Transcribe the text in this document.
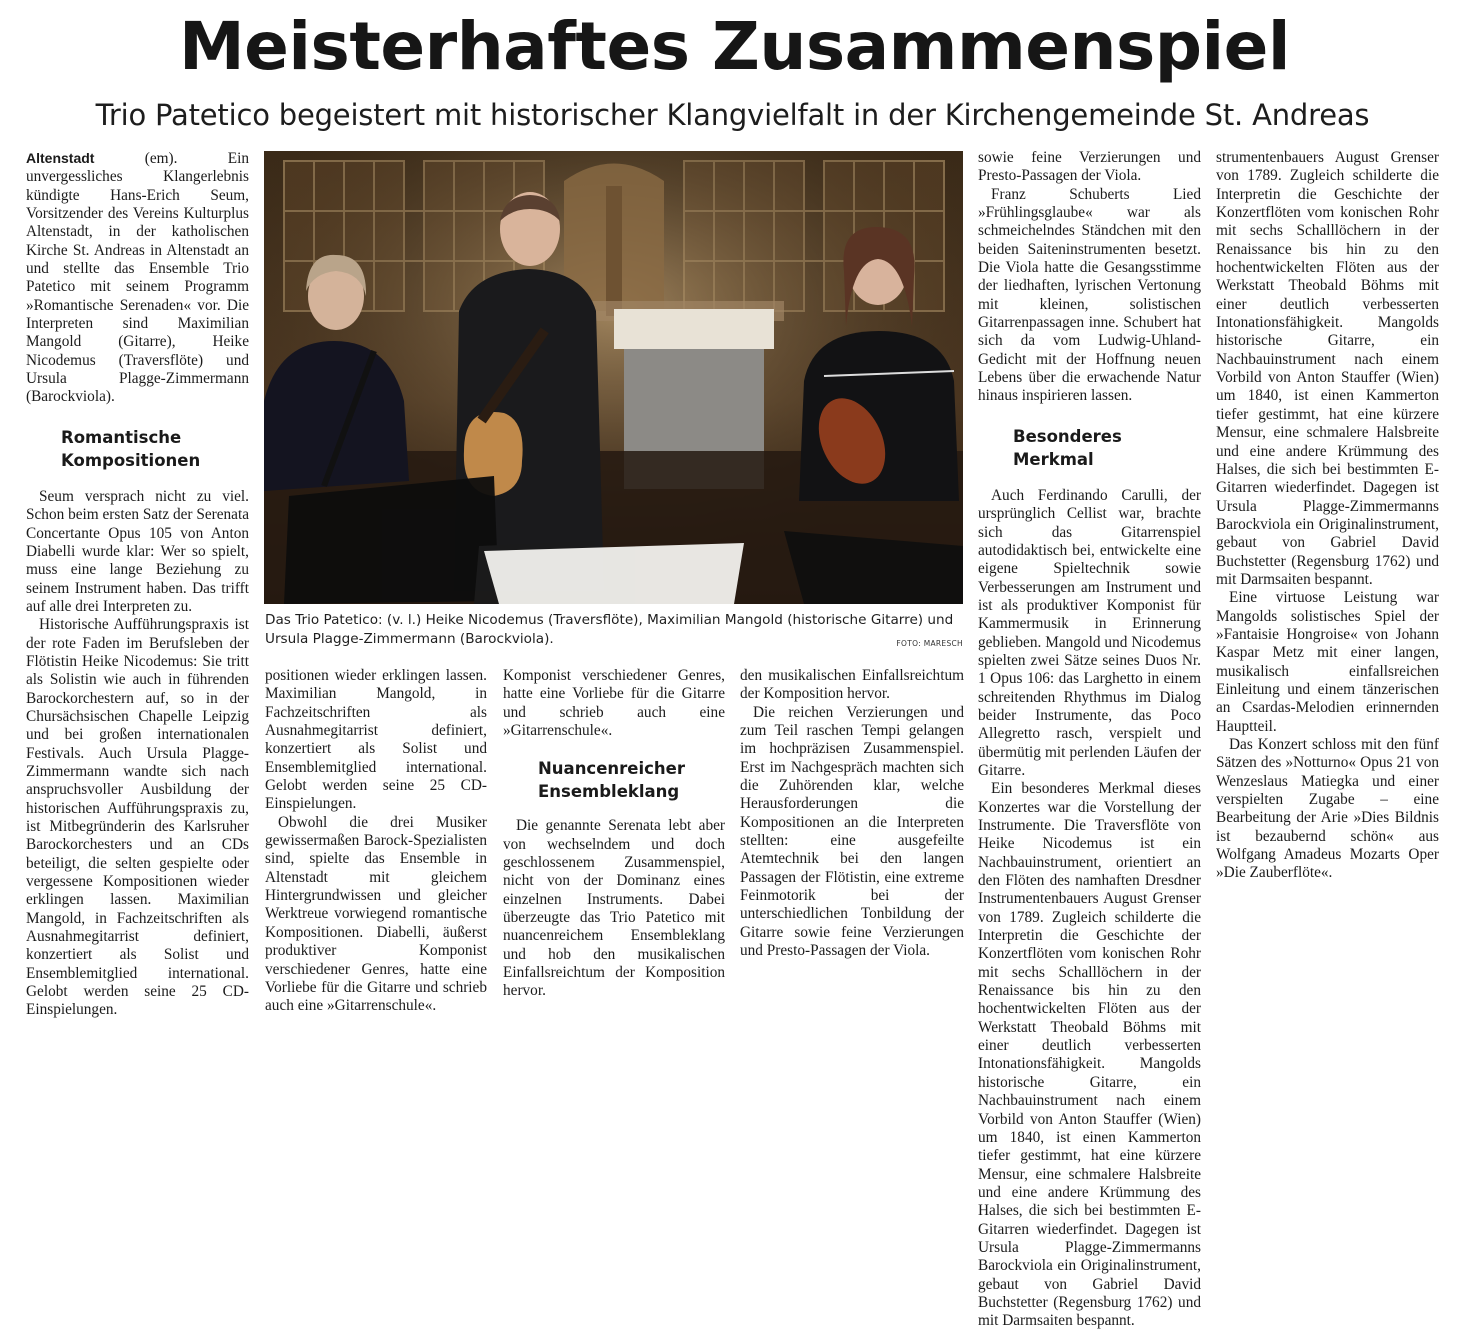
Meisterhaftes Zusammenspiel
Trio Patetico begeistert mit historischer Klangvielfalt in der Kirchengemeinde St. Andreas

Altenstadt	(em). Ein unvergessliches Klangerlebnis kündigte Hans-Erich Seum, Vorsitzender des Vereins Kulturplus Altenstadt, in der katholischen Kirche St. Andreas in Altenstadt an und stellte das Ensemble Trio Patetico mit seinem Programm »Romantische Serenaden« vor. Die Interpreten sind Maximilian Mangold (Gitarre), Heike Nicodemus (Traversflöte) und Ursula Plagge-Zimmermann (Barockviola).

Romantische Kompositionen

Seum versprach nicht zu viel. Schon beim ersten Satz der Serenata Concertante Opus 105 von Anton Diabelli wurde klar: Wer so spielt, muss eine lange Beziehung zu seinem Instrument haben. Das trifft auf alle drei Interpreten zu.

Historische Aufführungspraxis ist der rote Faden im Berufsleben der Flötistin Heike Nicodemus: Sie tritt als Solistin wie auch in führenden Barockorchestern auf, so in der Chursächsischen Chapelle Leipzig und bei großen internationalen Festivals. Auch Ursula Plagge-Zimmermann wandte sich nach anspruchsvoller Ausbildung der historischen Aufführungspraxis zu, ist Mitbegründerin des Karlsruher Barockorchesters und an CDs beteiligt, die selten gespielte oder vergessene Kompositionen wieder erklingen lassen. Maximilian Mangold, in Fachzeitschriften als Ausnahmegitarrist definiert, konzertiert als Solist und Ensemblemitglied international. Gelobt werden seine 25 CD-Einspielungen.

Das Trio Patetico: (v. l.) Heike Nicodemus (Traversflöte), Maximilian Mangold (historische Gitarre) und Ursula Plagge-Zimmermann (Barockviola).	FOTO: MARESCH

positionen wieder erklingen lassen. Maximilian Mangold, in Fachzeitschriften als Ausnahmegitarrist definiert, konzertiert als Solist und Ensemblemitglied international. Gelobt werden seine 25 CD-Einspielungen.

Obwohl die drei Musiker gewissermaßen Barock-Spezialisten sind, spielte das Ensemble in Altenstadt mit gleichem Hintergrundwissen und gleicher Werktreue vorwiegend romantische Kompositionen. Diabelli, äußerst produktiver Komponist verschiedener Genres, hatte eine Vorliebe für die Gitarre und schrieb auch eine »Gitarrenschule«.

Komponist verschiedener Genres, hatte eine Vorliebe für die Gitarre und schrieb auch eine »Gitarrenschule«.

Nuancenreicher Ensembleklang

Die genannte Serenata lebt aber von wechselndem und doch geschlossenem Zusammenspiel, nicht von der Dominanz eines einzelnen Instruments. Dabei überzeugte das Trio Patetico mit nuancenreichem Ensembleklang und hob den musikalischen Einfallsreichtum der Komposition hervor.

den musikalischen Einfallsreichtum der Komposition hervor.

Die reichen Verzierungen und zum Teil raschen Tempi gelangen im hochpräzisen Zusammenspiel. Erst im Nachgespräch machten sich die Zuhörenden klar, welche Herausforderungen die Kompositionen an die Interpreten stellten: eine ausgefeilte Atemtechnik bei den langen Passagen der Flötistin, eine extreme Feinmotorik bei der unterschiedlichen Tonbildung der Gitarre sowie feine Verzierungen und Presto-Passagen der Viola.

sowie feine Verzierungen und Presto-Passagen der Viola.

Franz Schuberts Lied »Frühlingsglaube« war als schmeichelndes Ständchen mit den beiden Saiteninstrumenten besetzt. Die Viola hatte die Gesangsstimme der liedhaften, lyrischen Vertonung mit kleinen, solistischen Gitarrenpassagen inne. Schubert hat sich da vom Ludwig-Uhland-Gedicht mit der Hoffnung neuen Lebens über die erwachende Natur hinaus inspirieren lassen.

Besonderes Merkmal

Auch Ferdinando Carulli, der ursprünglich Cellist war, brachte sich das Gitarrenspiel autodidaktisch bei, entwickelte eine eigene Spieltechnik sowie Verbesserungen am Instrument und ist als produktiver Komponist für Kammermusik in Erinnerung geblieben. Mangold und Nicodemus spielten zwei Sätze seines Duos Nr. 1 Opus 106: das Larghetto in einem schreitenden Rhythmus im Dialog beider Instrumente, das Poco Allegretto rasch, verspielt und übermütig mit perlenden Läufen der Gitarre.

Ein besonderes Merkmal dieses Konzertes war die Vorstellung der Instrumente. Die Traversflöte von Heike Nicodemus ist ein Nachbauinstrument, orientiert an den Flöten des namhaften Dresdner Instrumentenbauers August Grenser von 1789. Zugleich schilderte die Interpretin die Geschichte der Konzertflöten vom konischen Rohr mit sechs Schalllöchern in der Renaissance bis hin zu den hochentwickelten Flöten aus der Werkstatt Theobald Böhms mit einer deutlich verbesserten Intonationsfähigkeit. Mangolds historische Gitarre, ein Nachbauinstrument nach einem Vorbild von Anton Stauffer (Wien) um 1840, ist einen Kammerton tiefer gestimmt, hat eine kürzere Mensur, eine schmalere Halsbreite und eine andere Krümmung des Halses, die sich bei bestimmten E-Gitarren wiederfindet. Dagegen ist Ursula Plagge-Zimmermanns Barockviola ein Originalinstrument, gebaut von Gabriel David Buchstetter (Regensburg 1762) und mit Darmsaiten bespannt.

strumentenbauers August Grenser von 1789. Zugleich schilderte die Interpretin die Geschichte der Konzertflöten vom konischen Rohr mit sechs Schalllöchern in der Renaissance bis hin zu den hochentwickelten Flöten aus der Werkstatt Theobald Böhms mit einer deutlich verbesserten Intonationsfähigkeit. Mangolds historische Gitarre, ein Nachbauinstrument nach einem Vorbild von Anton Stauffer (Wien) um 1840, ist einen Kammerton tiefer gestimmt, hat eine kürzere Mensur, eine schmalere Halsbreite und eine andere Krümmung des Halses, die sich bei bestimmten E-Gitarren wiederfindet. Dagegen ist Ursula Plagge-Zimmermanns Barockviola ein Originalinstrument, gebaut von Gabriel David Buchstetter (Regensburg 1762) und mit Darmsaiten bespannt.

Eine virtuose Leistung war Mangolds solistisches Spiel der »Fantaisie Hongroise« von Johann Kaspar Metz mit einer langen, musikalisch einfallsreichen Einleitung und einem tänzerischen an Csardas-Melodien erinnernden Hauptteil.

Das Konzert schloss mit den fünf Sätzen des »Notturno« Opus 21 von Wenzeslaus Matiegka und einer verspielten Zugabe – eine Bearbeitung der Arie »Dies Bildnis ist bezaubernd schön« aus Wolfgang Amadeus Mozarts Oper »Die Zauberflöte«.
